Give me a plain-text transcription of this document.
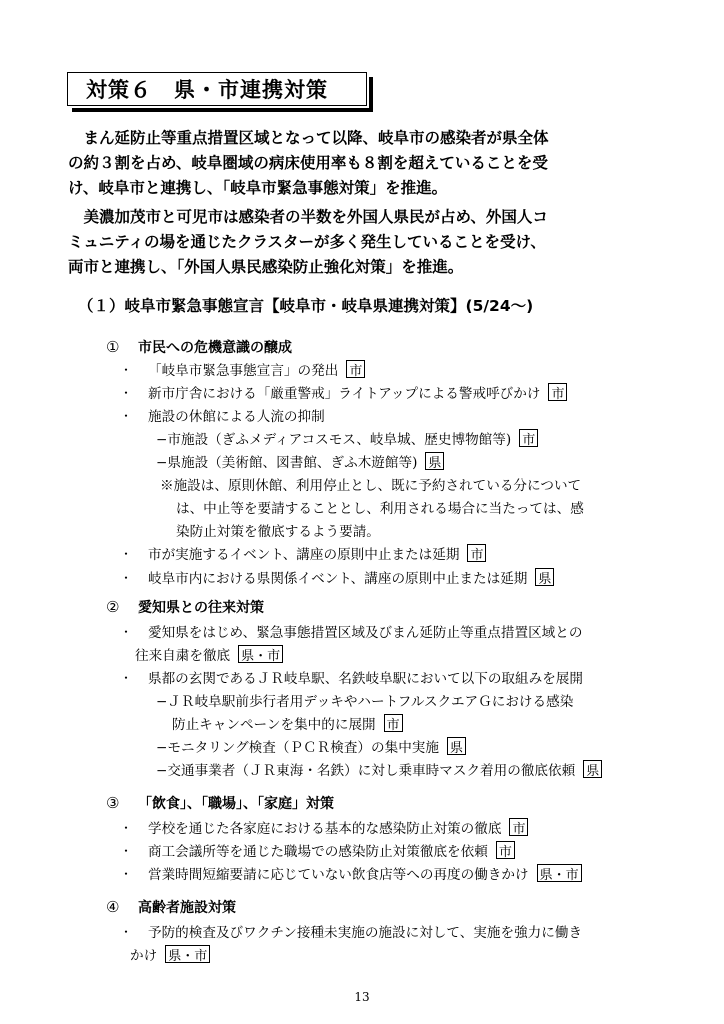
対策６　県・市連携対策

　まん延防止等重点措置区域となって以降、岐阜市の感染者が県全体

の約３割を占め、岐阜圏域の病床使用率も８割を超えていることを受

け、岐阜市と連携し、「岐阜市緊急事態対策」を推進。

　美濃加茂市と可児市は感染者の半数を外国人県民が占め、外国人コ

ミュニティの場を通じたクラスターが多く発生していることを受け、

両市と連携し、「外国人県民感染防止強化対策」を推進。

（１）岐阜市緊急事態宣言【岐阜市・岐阜県連携対策】(5/24〜)
①	市民への危機意識の醸成
・	「岐阜市緊急事態宣言」の発出 市
・	新市庁舎における「厳重警戒」ライトアップによる警戒呼びかけ 市
・	施設の休館による人流の抑制
−市施設（ぎふメディアコスモス、岐阜城、歴史博物館等) 市
−県施設（美術館、図書館、ぎふ木遊館等) 県
※施設は、原則休館、利用停止とし、既に予約されている分について
は、中止等を要請することとし、利用される場合に当たっては、感
染防止対策を徹底するよう要請。
・	市が実施するイベント、講座の原則中止または延期 市
・	岐阜市内における県関係イベント、講座の原則中止または延期 県
②	愛知県との往来対策
・	愛知県をはじめ、緊急事態措置区域及びまん延防止等重点措置区域との
往来自粛を徹底 県・市
・	県都の玄関であるＪＲ岐阜駅、名鉄岐阜駅において以下の取組みを展開
−ＪＲ岐阜駅前歩行者用デッキやハートフルスクエアＧにおける感染
防止キャンペーンを集中的に展開 市
−モニタリング検査（ＰＣＲ検査）の集中実施 県
−交通事業者（ＪＲ東海・名鉄）に対し乗車時マスク着用の徹底依頼 県
③	「飲食」、「職場」、「家庭」対策
・	学校を通じた各家庭における基本的な感染防止対策の徹底 市
・	商工会議所等を通じた職場での感染防止対策徹底を依頼 市
・	営業時間短縮要請に応じていない飲食店等への再度の働きかけ 県・市
④	高齢者施設対策
・	予防的検査及びワクチン接種未実施の施設に対して、実施を強力に働き
かけ 県・市
13
